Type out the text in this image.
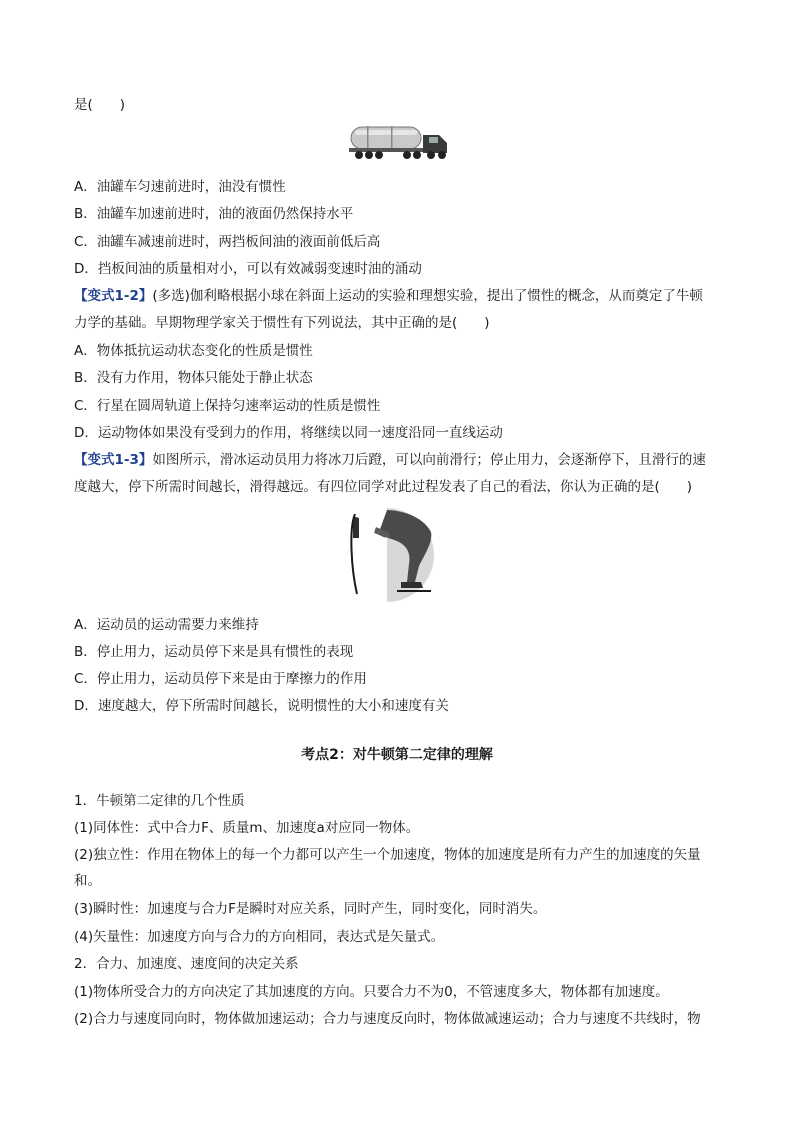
是(　　)
A．油罐车匀速前进时，油没有惯性
B．油罐车加速前进时，油的液面仍然保持水平
C．油罐车减速前进时，两挡板间油的液面前低后高
D．挡板间油的质量相对小，可以有效减弱变速时油的涌动
【变式1-2】(多选)伽利略根据小球在斜面上运动的实验和理想实验，提出了惯性的概念，从而奠定了牛顿
力学的基础。早期物理学家关于惯性有下列说法，其中正确的是(　　)
A．物体抵抗运动状态变化的性质是惯性
B．没有力作用，物体只能处于静止状态
C．行星在圆周轨道上保持匀速率运动的性质是惯性
D．运动物体如果没有受到力的作用，将继续以同一速度沿同一直线运动
【变式1-3】如图所示，滑冰运动员用力将冰刀后蹬，可以向前滑行；停止用力，会逐渐停下，且滑行的速
度越大，停下所需时间越长，滑得越远。有四位同学对此过程发表了自己的看法，你认为正确的是(　　)
A．运动员的运动需要力来维持
B．停止用力，运动员停下来是具有惯性的表现
C．停止用力，运动员停下来是由于摩擦力的作用
D．速度越大，停下所需时间越长，说明惯性的大小和速度有关
考点2：对牛顿第二定律的理解
1．牛顿第二定律的几个性质
(1)同体性：式中合力F、质量m、加速度a对应同一物体。
(2)独立性：作用在物体上的每一个力都可以产生一个加速度，物体的加速度是所有力产生的加速度的矢量
和。
(3)瞬时性：加速度与合力F是瞬时对应关系，同时产生，同时变化，同时消失。
(4)矢量性：加速度方向与合力的方向相同，表达式是矢量式。
2．合力、加速度、速度间的决定关系
(1)物体所受合力的方向决定了其加速度的方向。只要合力不为0，不管速度多大，物体都有加速度。
(2)合力与速度同向时，物体做加速运动；合力与速度反向时，物体做减速运动；合力与速度不共线时，物
